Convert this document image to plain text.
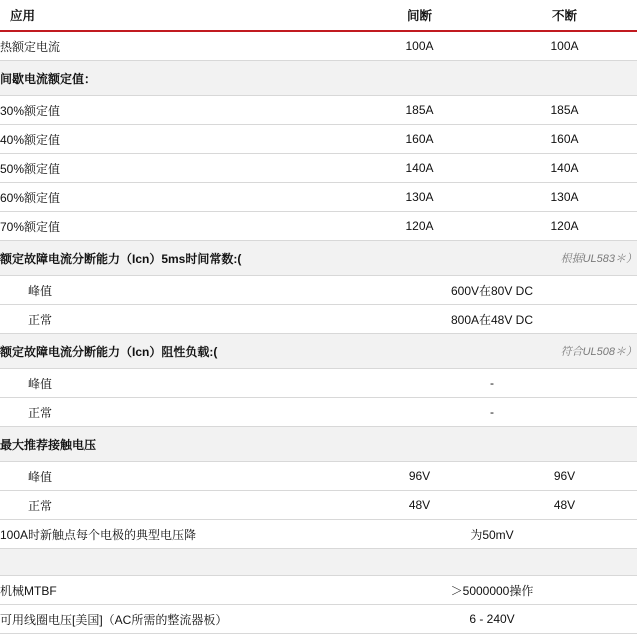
应用	间断	不断
热额定电流	100A	100A
间歇电流额定值：		
30%额定值	185A	185A
40%额定值	160A	160A
50%额定值	140A	140A
60%额定值	130A	130A
70%额定值	120A	120A
额定故障电流分断能力（Icn）5ms时间常数:(	根据UL583＊）	
峰值	600V在80V DC	
正常	800A在48V DC	
额定故障电流分断能力（Icn）阻性负载:(	符合UL508＊）	
峰值	-	
正常	-	
最大推荐接触电压		
峰值	96V	96V
正常	48V	48V
100A时新触点每个电极的典型电压降	为50mV	

机械MTBF	＞5000000操作	
可用线圈电压[美国]（AC所需的整流器板）	6 - 240V	
